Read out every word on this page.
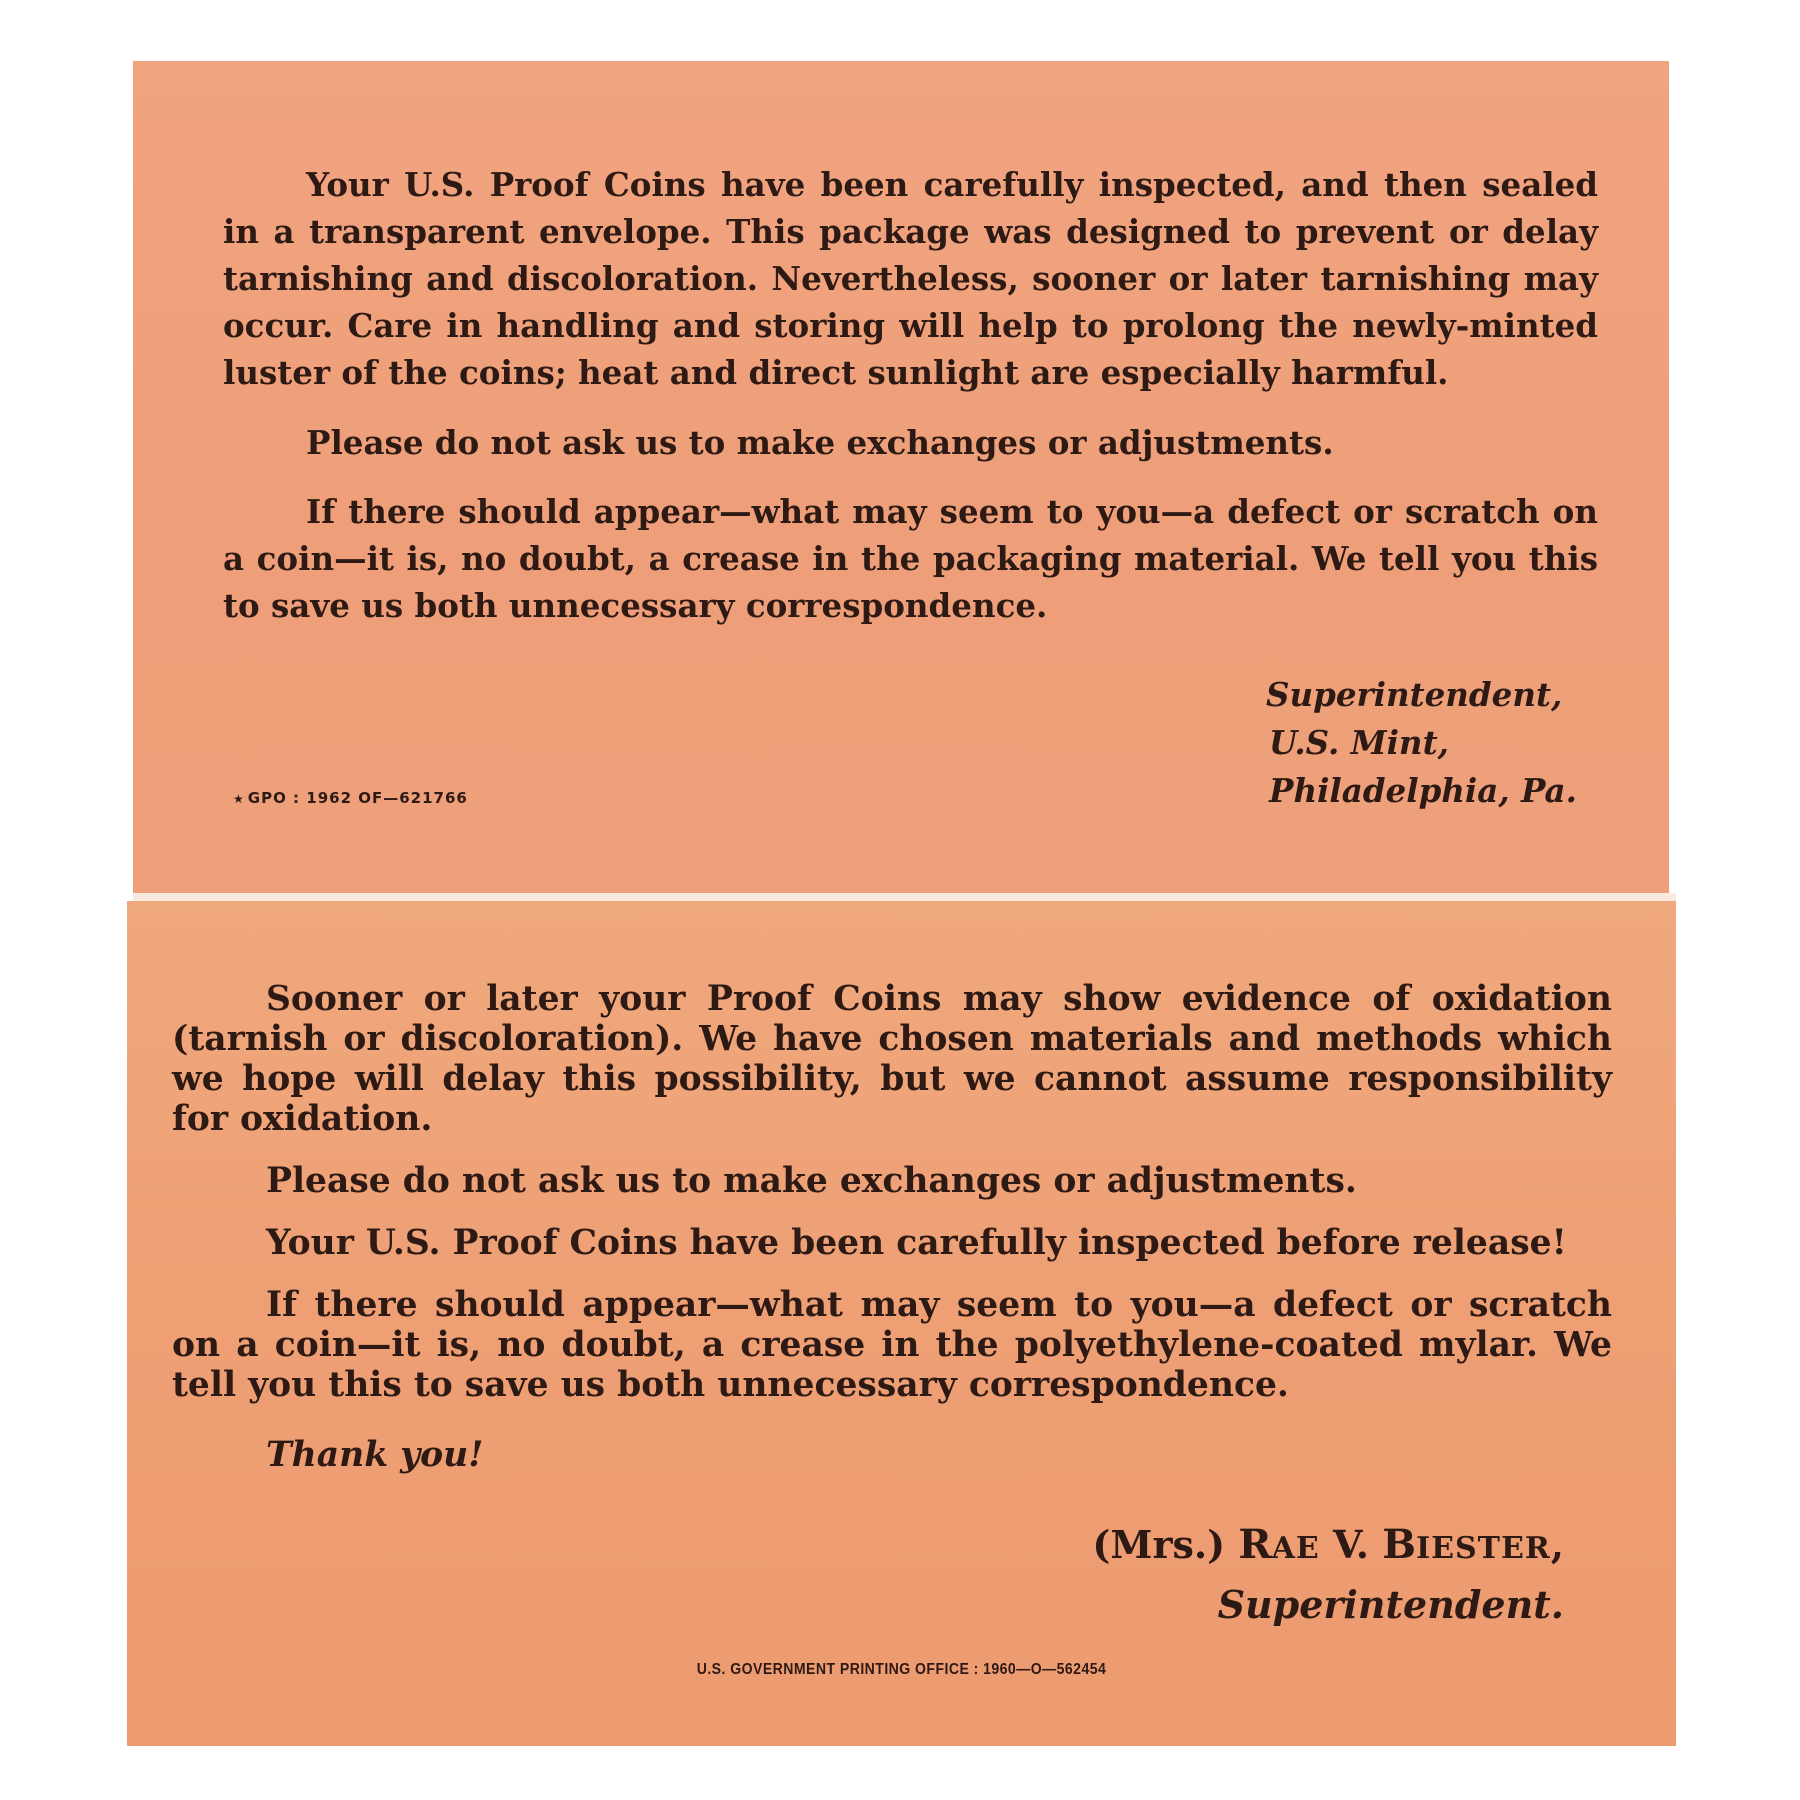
Your U.S. Proof Coins have been carefully inspected, and then sealed in a transparent envelope. This package was designed to prevent or delay tarnishing and discoloration. Nevertheless, sooner or later tarnishing may occur. Care in handling and storing will help to prolong the newly-minted luster of the coins; heat and direct sunlight are especially harmful.

Please do not ask us to make exchanges or adjustments.

If there should appear—what may seem to you—a defect or scratch on a coin—it is, no doubt, a crease in the packaging material. We tell you this to save us both unnecessary correspondence.

★ GPO : 1962 OF—621766
Superintendent,
U.S. Mint,
Philadelphia, Pa.

Sooner or later your Proof Coins may show evidence of oxidation (tarnish or discoloration). We have chosen materials and methods which we hope will delay this possibility, but we cannot assume responsibility for oxidation.

Please do not ask us to make exchanges or adjustments.

Your U.S. Proof Coins have been carefully inspected before release!

If there should appear—what may seem to you—a defect or scratch on a coin—it is, no doubt, a crease in the polyethylene-coated mylar. We tell you this to save us both unnecessary correspondence.

Thank you!

(Mrs.) RAE V. BIESTER,
Superintendent.
U.S. GOVERNMENT PRINTING OFFICE : 1960—O—562454
